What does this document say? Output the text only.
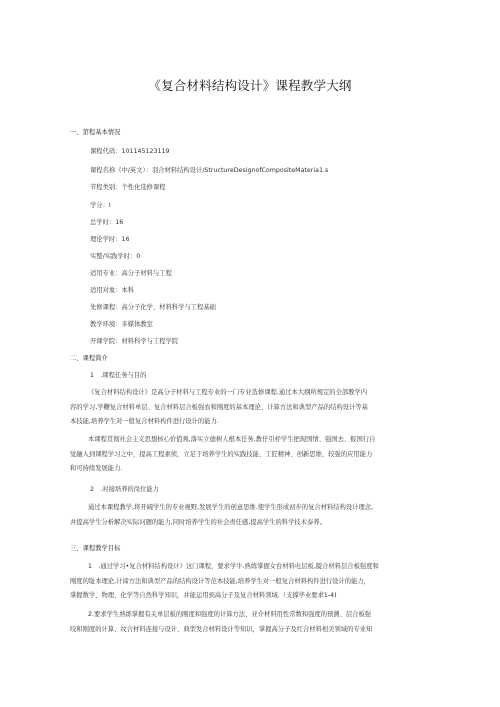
《复合材料结构设计》课程教学大纲
一、第程基本情况
课程代码：101145123119
课程名称《中/英文）：羽合材料结构设计/StructureDesignofCompositeMateria1.s
节程类别：个性化选修课程
学分：I
总学时：16
理论学时：16
实整/实践学时：0
适用专业：高分子材料与工程
适用对象：本科
先修课程：高分子化学、材料科学与工程基础
教学环境：多媒体教室
开课学院：材料科学与工程学院
二、课程简介
1　.课程任务与目的
《复合材料结构设计》是高分子材料与工程专业的一门专业选修课程.通过本大纲所规定的全部教学内
容的学习,学鞭复合材料单层、复合材料层合板强农和刚度的基本理论、计算方法和典型产品的结构设计等基
本技能,培养学生对一般复合材料构件进行设计的能力.
本课程贯彻社会主义思想核心价值观,落实立德树人根本任务,教仔引杼学生把现国情、强国去、报国行自
觉融入到课程学习之中，提高工程素侦，立足于培养学生的实践技能、工匠精神、创新思维、较强的应用能力
和可持续发展能力.
2　.对接培养的岗位能力
通过本课程教学,将开阔学生的专业视野,发展学生的创意思维.使学生形成初步的复合材料结构设计理念,
并提高学生分析解决实际问题的能力,同时培养学生的社会责任感,提高学生的科学技术泰养。
三、课程教学目标
1　.通过学习•复合材料结构设计》这门课程，要求学牛.熟练掌握女台材料电层板,龊合材料层合板强度和
刚度的耻本理论,计谛方法和典型产品的结构设计等范本技能,培养学生对一般复合材料构件进行设计的能力，
掌握数学、物理、化学等自然科学知识，并能运用到高分子及复合材料领域.（支撑毕业要求1-4)
2.要求学生熟练掌握有关单层板的刚度和强度的计算方法、亚介材料用性常数和强度的预测、层合板强
咬和刚度的计算、纹合材料连接与设计、典型发合材料设计等知识，掌握高分子及红合材料相美领域的专业知
